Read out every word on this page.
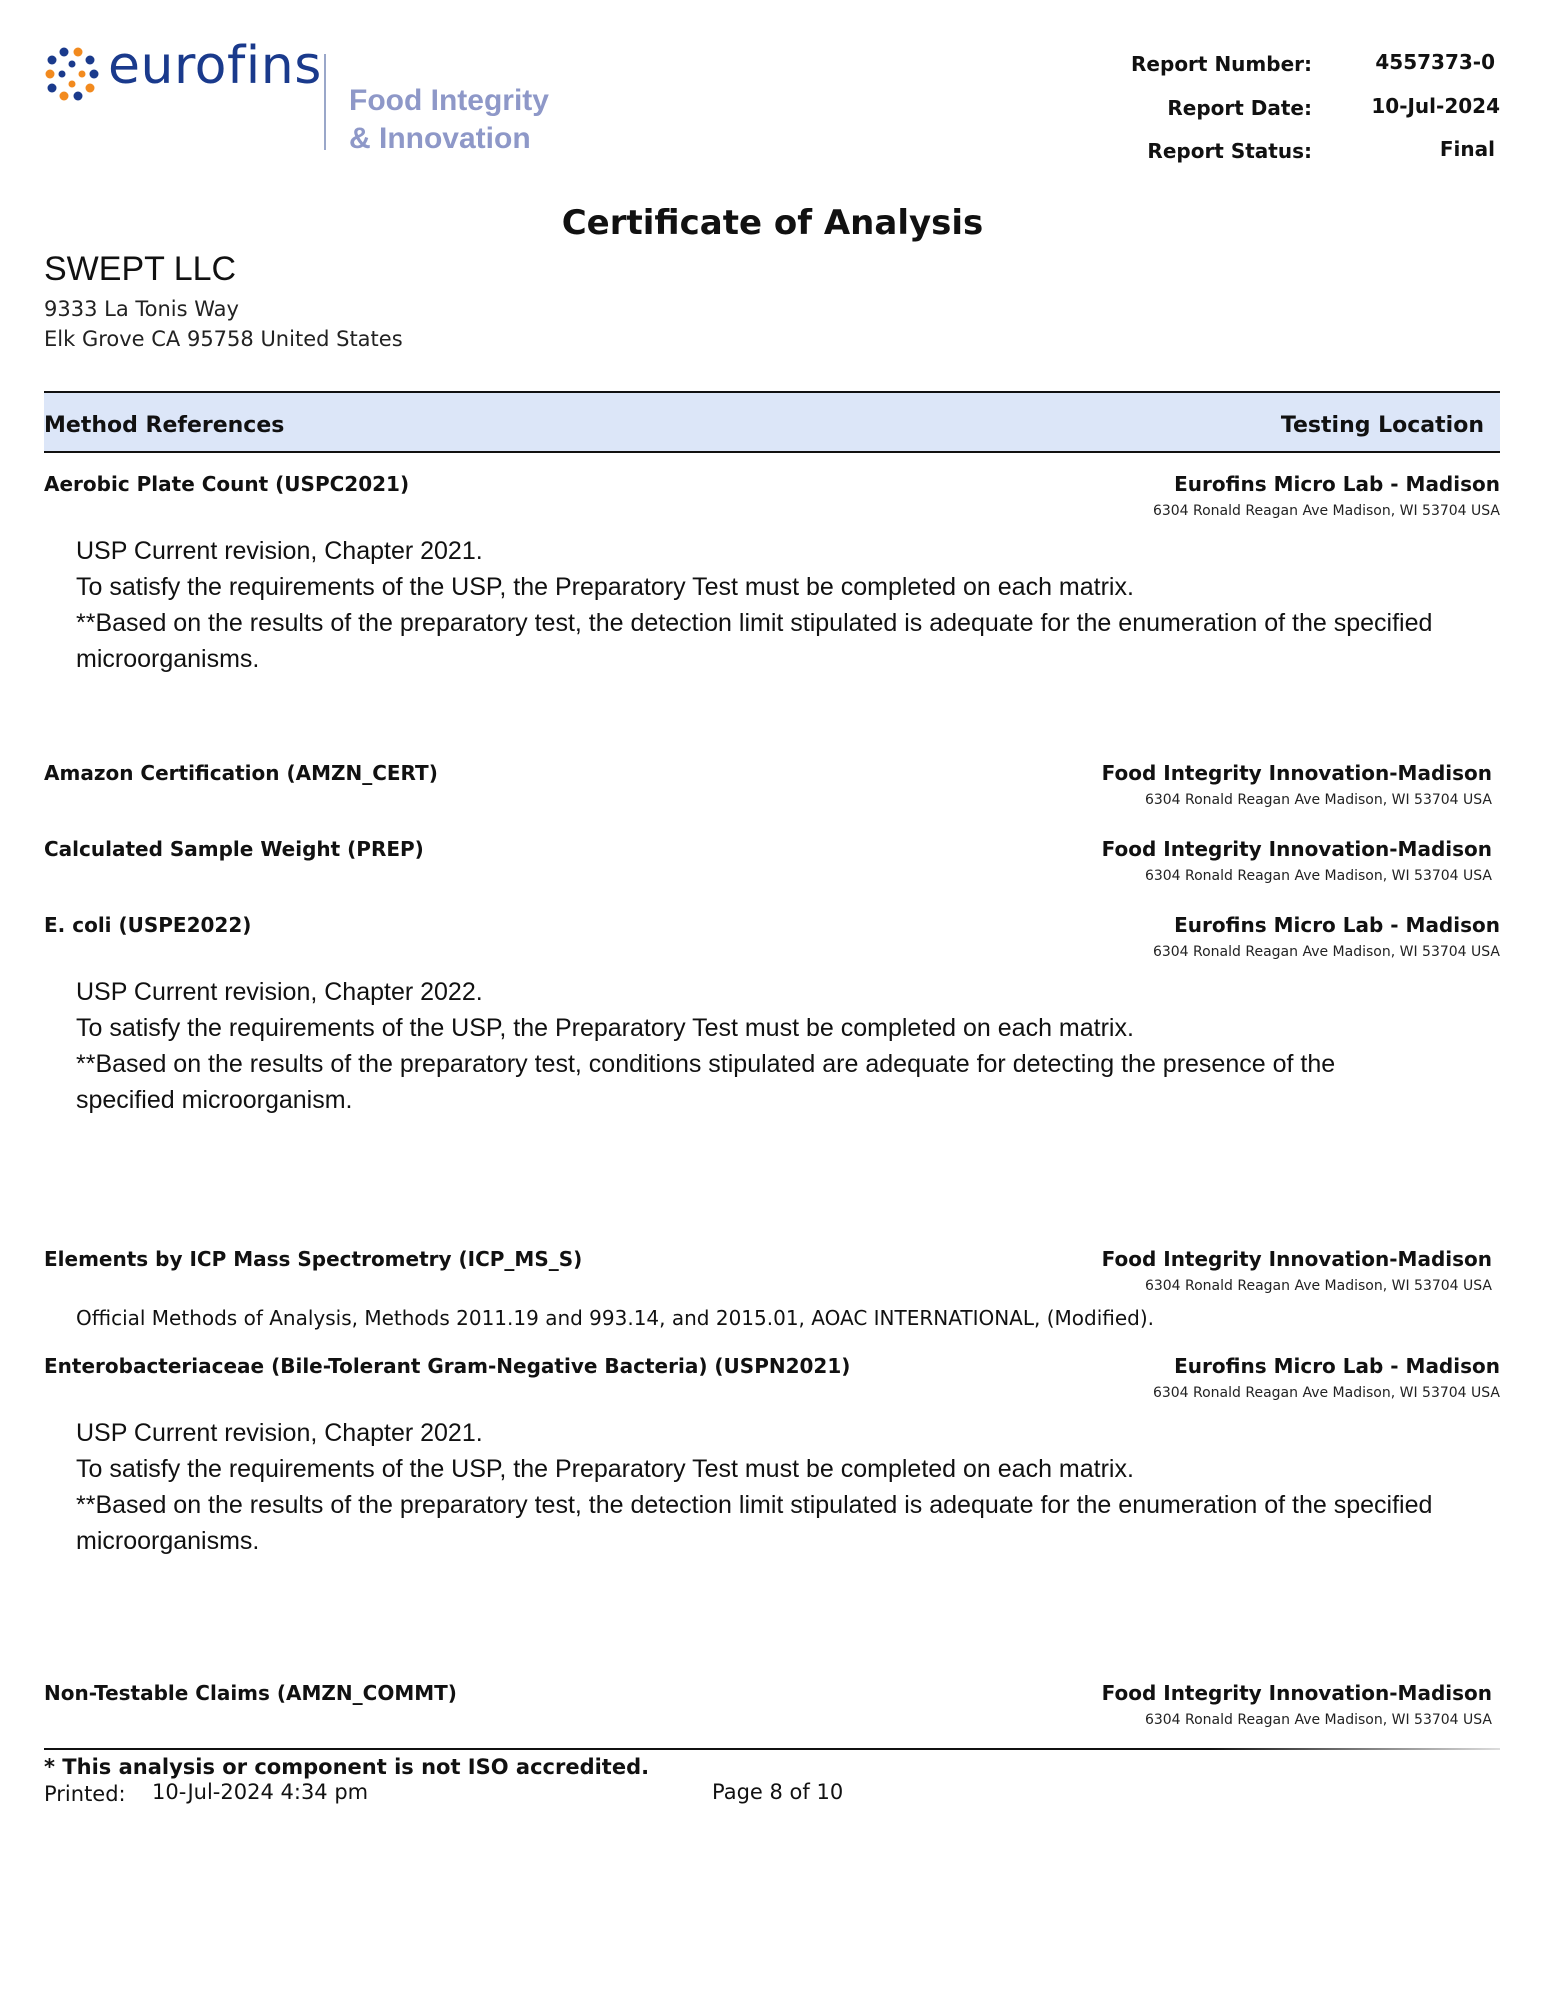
eurofins
Food Integrity
& Innovation
Report Number:	4557373-0
Report Date:	10-Jul-2024
Report Status:	Final
Certificate of Analysis
SWEPT LLC
9333 La Tonis Way
Elk Grove CA 95758 United States
Method References	Testing Location
Aerobic Plate Count (USPC2021)	Eurofins Micro Lab - Madison
6304 Ronald Reagan Ave Madison, WI 53704 USA

USP Current revision, Chapter 2021.

To satisfy the requirements of the USP, the Preparatory Test must be completed on each matrix.

**Based on the results of the preparatory test, the detection limit stipulated is adequate for the enumeration of the specified microorganisms.

Amazon Certification (AMZN_CERT)	Food Integrity Innovation-Madison
6304 Ronald Reagan Ave Madison, WI 53704 USA
Calculated Sample Weight (PREP)	Food Integrity Innovation-Madison
6304 Ronald Reagan Ave Madison, WI 53704 USA
E. coli (USPE2022)	Eurofins Micro Lab - Madison
6304 Ronald Reagan Ave Madison, WI 53704 USA

USP Current revision, Chapter 2022.

To satisfy the requirements of the USP, the Preparatory Test must be completed on each matrix.

**Based on the results of the preparatory test, conditions stipulated are adequate for detecting the presence of the specified microorganism.

Elements by ICP Mass Spectrometry (ICP_MS_S)	Food Integrity Innovation-Madison
6304 Ronald Reagan Ave Madison, WI 53704 USA
Official Methods of Analysis, Methods 2011.19 and 993.14, and 2015.01, AOAC INTERNATIONAL, (Modified).
Enterobacteriaceae (Bile-Tolerant Gram-Negative Bacteria) (USPN2021)	Eurofins Micro Lab - Madison
6304 Ronald Reagan Ave Madison, WI 53704 USA

USP Current revision, Chapter 2021.

To satisfy the requirements of the USP, the Preparatory Test must be completed on each matrix.

**Based on the results of the preparatory test, the detection limit stipulated is adequate for the enumeration of the specified microorganisms.

Non-Testable Claims (AMZN_COMMT)	Food Integrity Innovation-Madison
6304 Ronald Reagan Ave Madison, WI 53704 USA
* This analysis or component is not ISO accredited.
Printed: 10-Jul-2024 4:34 pm	Page 8 of 10
